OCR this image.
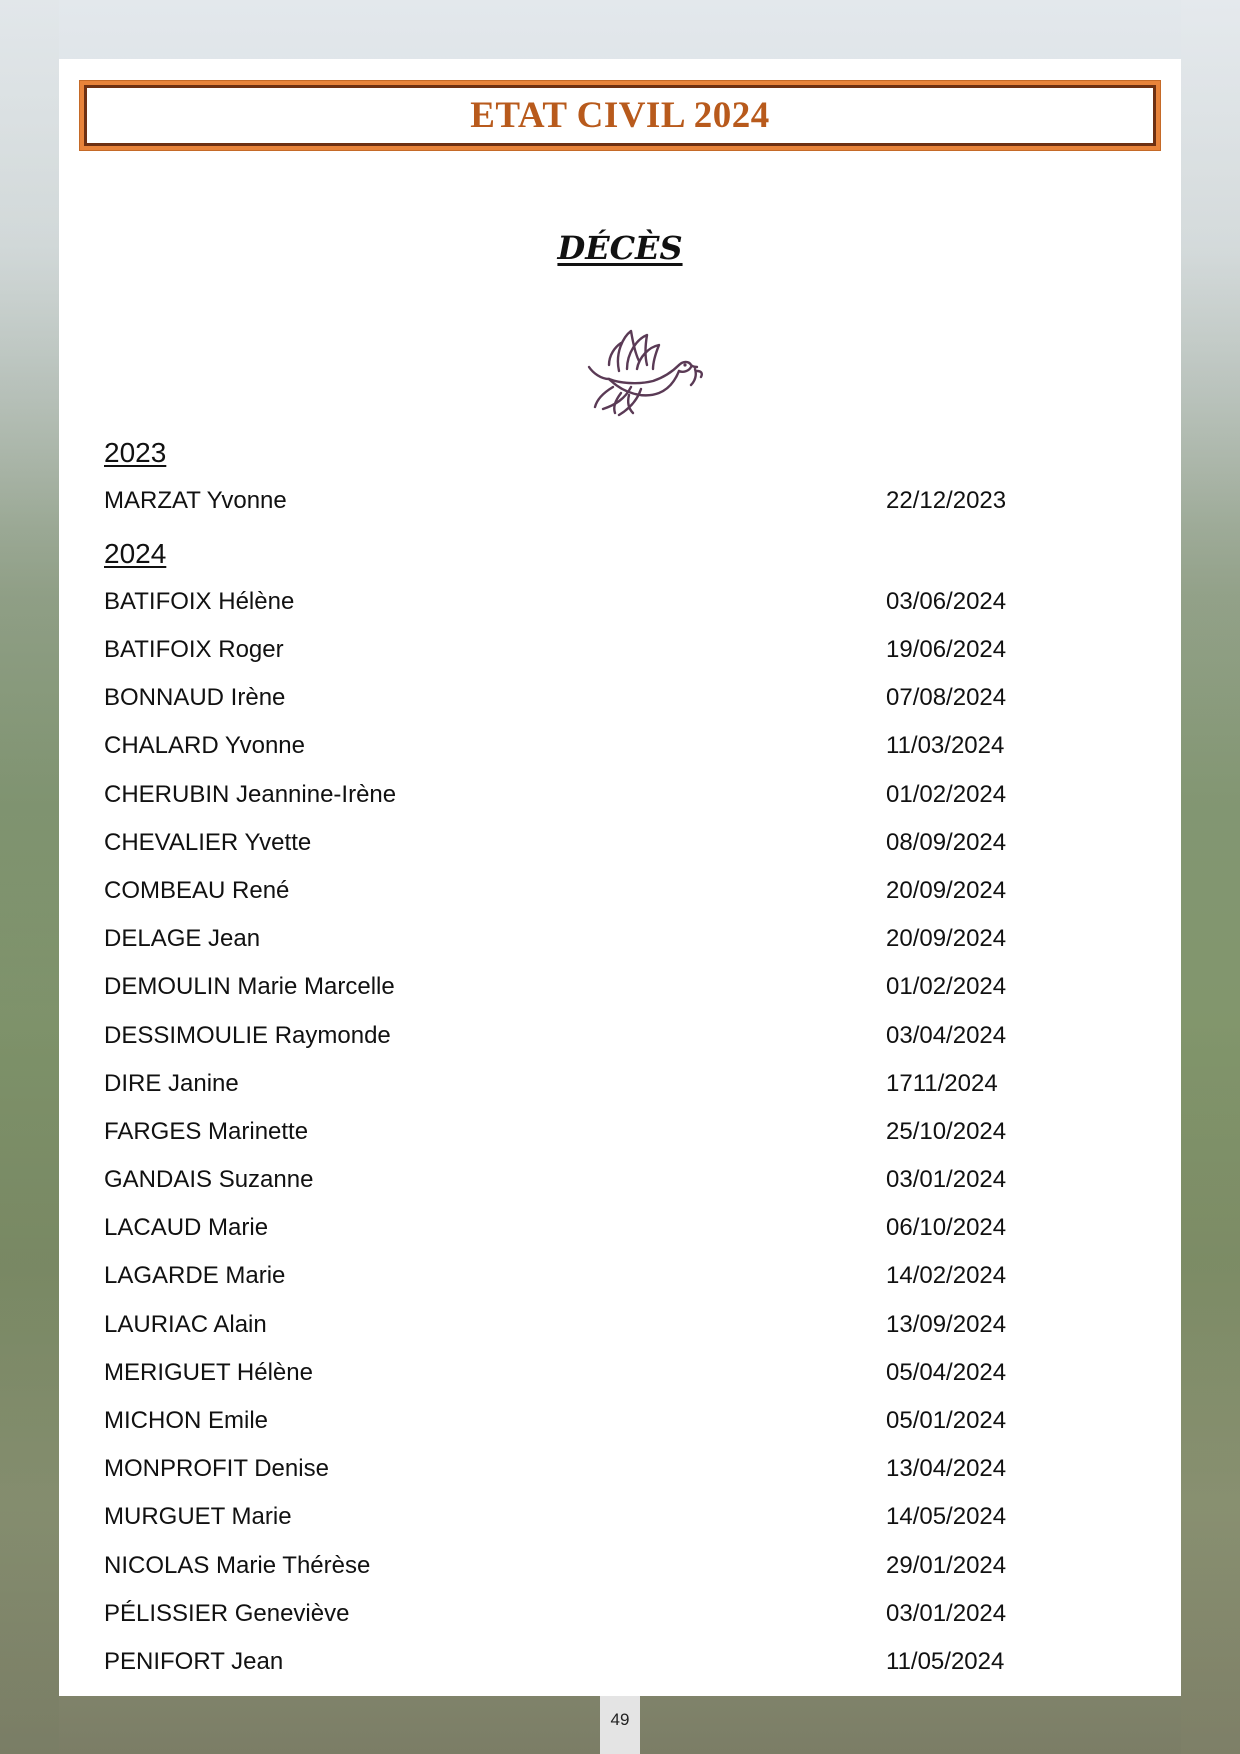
ETAT CIVIL 2024
DÉCÈS
2023
MARZAT Yvonne	22/12/2023
2024
BATIFOIX Hélène	03/06/2024
BATIFOIX Roger	19/06/2024
BONNAUD Irène	07/08/2024
CHALARD Yvonne	11/03/2024
CHERUBIN Jeannine-Irène	01/02/2024
CHEVALIER Yvette	08/09/2024
COMBEAU René	20/09/2024
DELAGE Jean	20/09/2024
DEMOULIN Marie Marcelle	01/02/2024
DESSIMOULIE Raymonde	03/04/2024
DIRE Janine	1711/2024
FARGES Marinette	25/10/2024
GANDAIS Suzanne	03/01/2024
LACAUD Marie	06/10/2024
LAGARDE Marie	14/02/2024
LAURIAC Alain	13/09/2024
MERIGUET Hélène	05/04/2024
MICHON Emile	05/01/2024
MONPROFIT Denise	13/04/2024
MURGUET Marie	14/05/2024
NICOLAS Marie Thérèse	29/01/2024
PÉLISSIER Geneviève	03/01/2024
PENIFORT Jean	11/05/2024
49
